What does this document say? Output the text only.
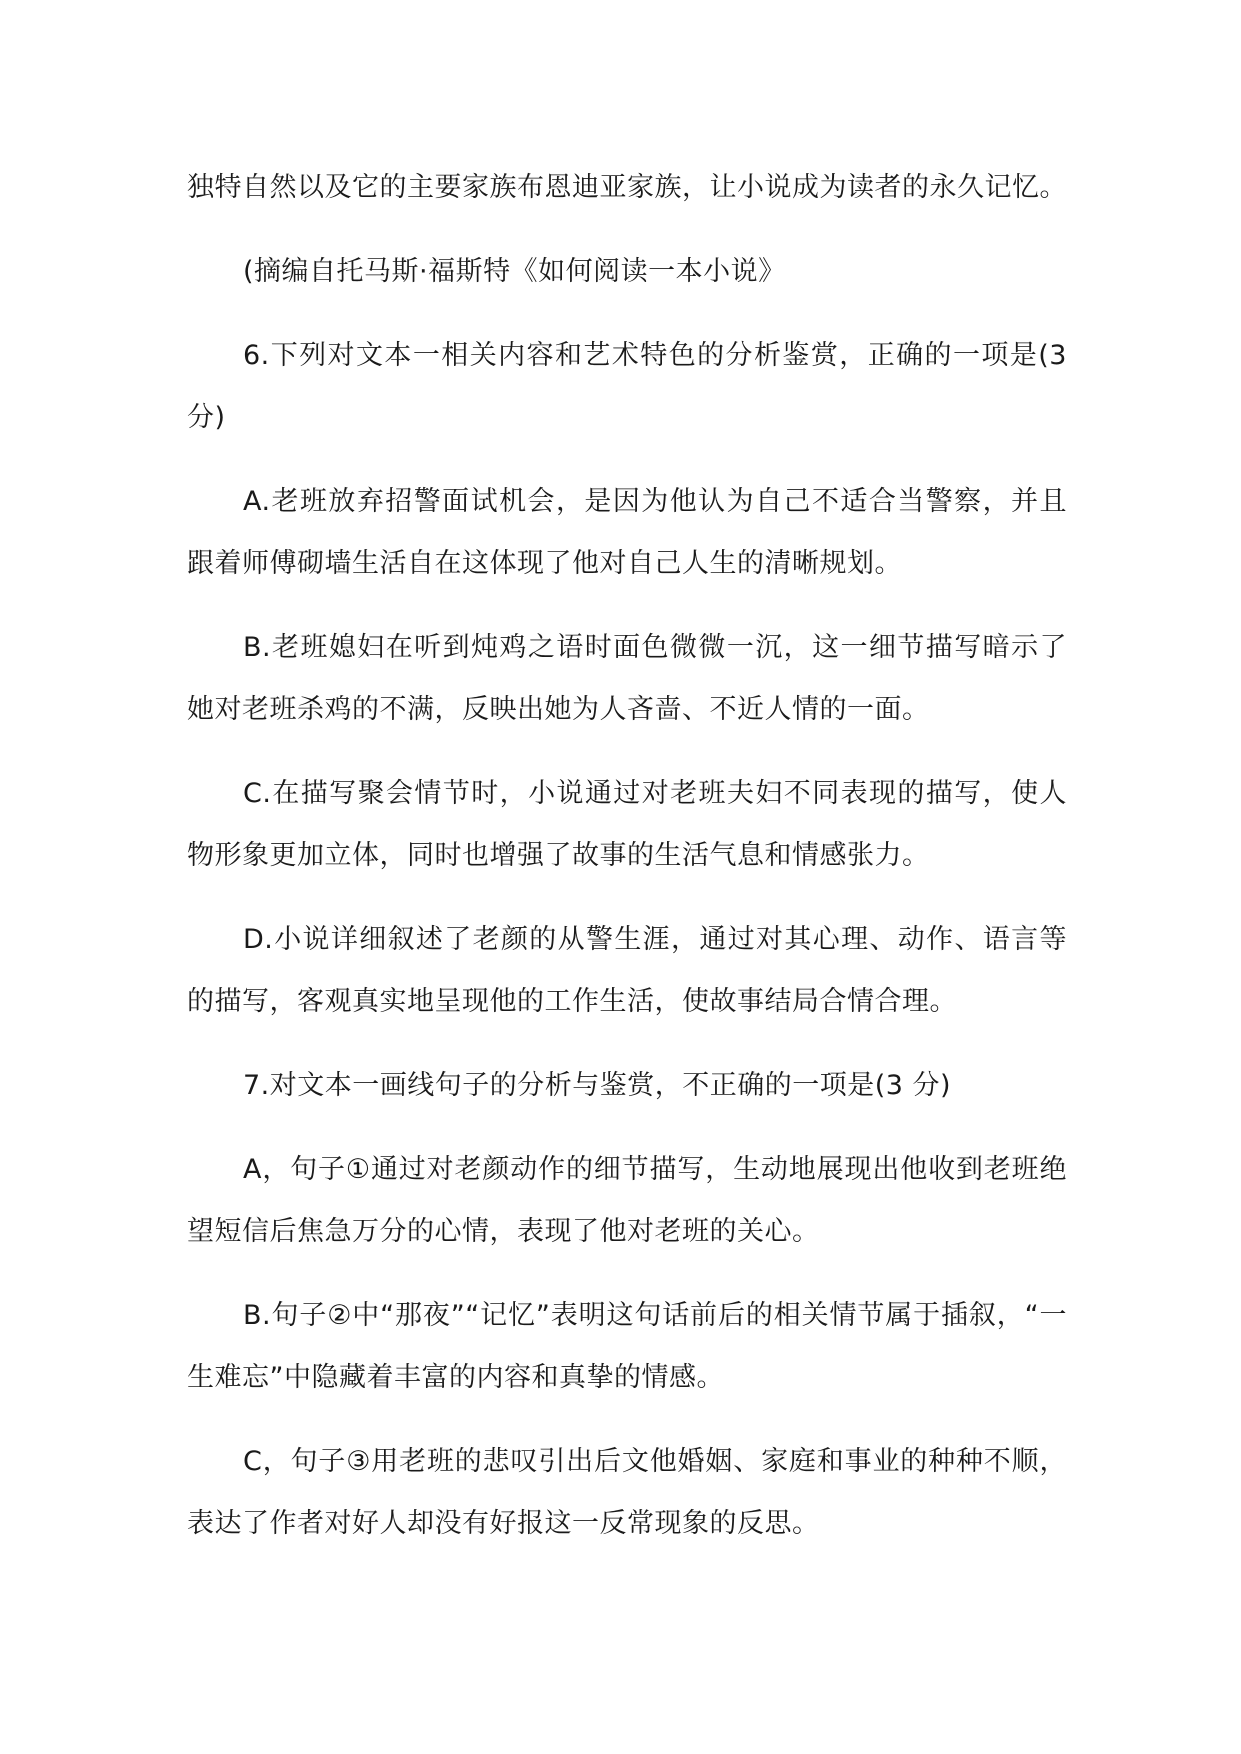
独特自然以及它的主要家族布恩迪亚家族，让小说成为读者的永久记忆。

(摘编自托马斯·福斯特《如何阅读一本小说》

6.下列对文本一相关内容和艺术特色的分析鉴赏，正确的一项是(3 分)

A.老班放弃招警面试机会，是因为他认为自己不适合当警察，并且跟着师傅砌墙生活自在这体现了他对自己人生的清晰规划。

B.老班媳妇在听到炖鸡之语时面色微微一沉，这一细节描写暗示了她对老班杀鸡的不满，反映出她为人吝啬、不近人情的一面。

C.在描写聚会情节时，小说通过对老班夫妇不同表现的描写，使人物形象更加立体，同时也增强了故事的生活气息和情感张力。

D.小说详细叙述了老颜的从警生涯，通过对其心理、动作、语言等的描写，客观真实地呈现他的工作生活，使故事结局合情合理。

7.对文本一画线句子的分析与鉴赏，不正确的一项是(3 分)

A，句子①通过对老颜动作的细节描写，生动地展现出他收到老班绝望短信后焦急万分的心情，表现了他对老班的关心。

B.句子②中“那夜”“记忆”表明这句话前后的相关情节属于插叙，“一生难忘”中隐藏着丰富的内容和真挚的情感。

C，句子③用老班的悲叹引出后文他婚姻、家庭和事业的种种不顺，表达了作者对好人却没有好报这一反常现象的反思。
